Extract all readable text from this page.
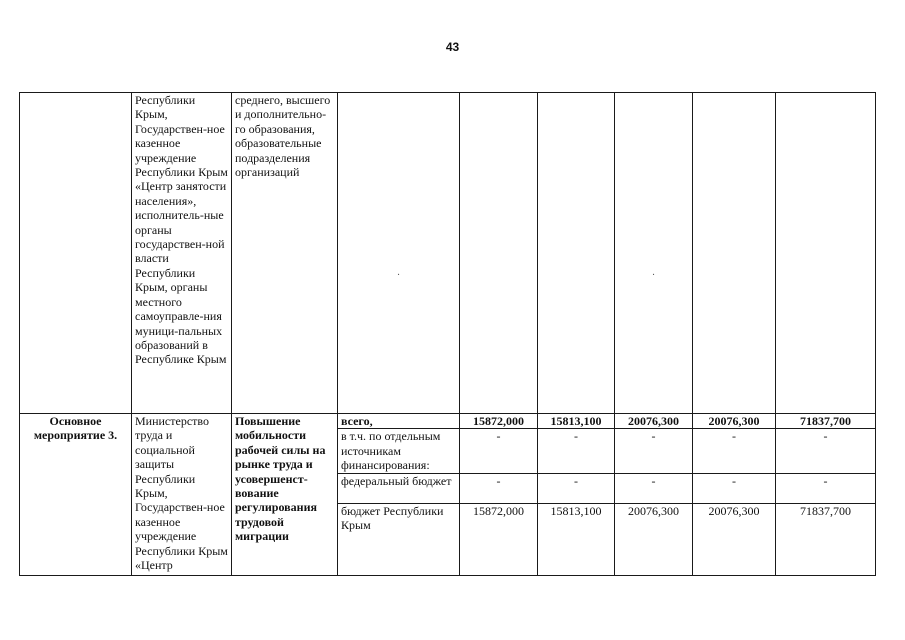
43
	Республики Крым, Государствен-ное казенное учреждение Республики Крым «Центр занятости населения», исполнитель-ные органы государствен-ной власти Республики Крым, органы местного самоуправле-ния муници-пальных образований в Республике Крым	среднего, высшего и дополнительно-го образования, образовательные подразделения организаций	·			·		

Основное мероприятие 3.	Министерство труда и социальной защиты Республики Крым, Государствен-ное казенное учреждение Республики Крым «Центр	Повышение мобильности рабочей силы на рынке труда и усовершенст-вование регулирования трудовой миграции	всего,	15872,000	15813,100	20076,300	20076,300	71837,700
			в т.ч. по отдельным источникам финансирования:	-	-	-	-	-
			федеральный бюджет	-	-	-	-	-
			бюджет Республики Крым	15872,000	15813,100	20076,300	20076,300	71837,700
